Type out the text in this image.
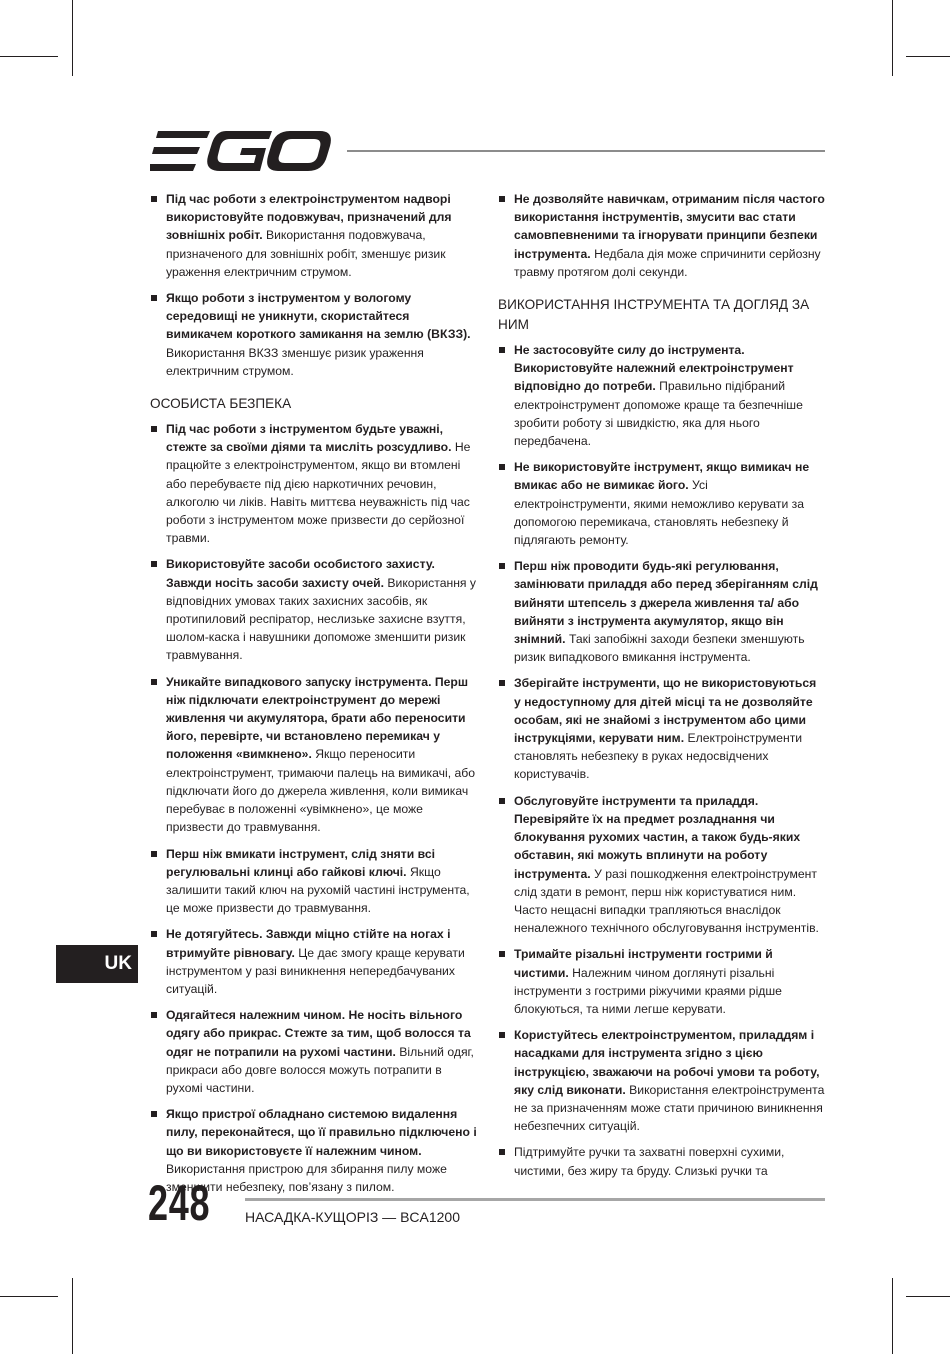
Під час роботи з електроінструментом надворі використовуйте подовжувач, призначений для зовнішніх робіт. Використання подовжувача, призначеного для зовнішніх робіт, зменшує ризик ураження електричним струмом.
Якщо роботи з інструментом у вологому середовищі не уникнути, скористайтеся вимикачем короткого замикання на землю (ВКЗЗ). Використання ВКЗЗ зменшує ризик ураження електричним струмом.
ОСОБИСТА БЕЗПЕКА
Під час роботи з інструментом будьте уважні, стежте за своїми діями та мисліть розсудливо. Не працюйте з електроінструментом, якщо ви втомлені або перебуваєте під дією наркотичних речовин, алкоголю чи ліків. Навіть миттєва неуважність під час роботи з інструментом може призвести до серйозної травми.
Використовуйте засоби особистого захисту. Завжди носіть засоби захисту очей. Використання у відповідних умовах таких захисних засобів, як протипиловий респіратор, неслизьке захисне взуття, шолом-каска і навушники допоможе зменшити ризик травмування.
Уникайте випадкового запуску інструмента. Перш ніж підключати електроінструмент до мережі живлення чи акумулятора, брати або переносити його, перевірте, чи встановлено перемикач у положення «вимкнено». Якщо переносити електроінструмент, тримаючи палець на вимикачі, або підключати його до джерела живлення, коли вимикач перебуває в положенні «увімкнено», це може призвести до травмування.
Перш ніж вмикати інструмент, слід зняти всі регулювальні клинці або гайкові ключі. Якщо залишити такий ключ на рухомій частині інструмента, це може призвести до травмування.
Не дотягуйтесь. Завжди міцно стійте на ногах і втримуйте рівновагу. Це дає змогу краще керувати інструментом у разі виникнення непередбачуваних ситуацій.
Одягайтеся належним чином. Не носіть вільного одягу або прикрас. Стежте за тим, щоб волосся та одяг не потрапили на рухомі частини. Вільний одяг, прикраси або довге волосся можуть потрапити в рухомі частини.
Якщо пристрої обладнано системою видалення пилу, переконайтеся, що її правильно підключено і що ви використовуєте її належним чином. Використання пристрою для збирання пилу може зменшити небезпеку, пов’язану з пилом.
Не дозволяйте навичкам, отриманим після частого використання інструментів, змусити вас стати самовпевненими та ігнорувати принципи безпеки інструмента. Недбала дія може спричинити серйозну травму протягом долі секунди.
ВИКОРИСТАННЯ ІНСТРУМЕНТА ТА ДОГЛЯД ЗА НИМ
Не застосовуйте силу до інструмента. Використовуйте належний електроінструмент відповідно до потреби. Правильно підібраний електроінструмент допоможе краще та безпечніше зробити роботу зі швидкістю, яка для нього передбачена.
Не використовуйте інструмент, якщо вимикач не вмикає або не вимикає його. Усі електроінструменти, якими неможливо керувати за допомогою перемикача, становлять небезпеку й підлягають ремонту.
Перш ніж проводити будь-які регулювання, замінювати приладдя або перед зберіганням слід вийняти штепсель з джерела живлення та/ або вийняти з інструмента акумулятор, якщо він знімний. Такі запобіжні заходи безпеки зменшують ризик випадкового вмикання інструмента.
Зберігайте інструменти, що не використовуються у недоступному для дітей місці та не дозволяйте особам, які не знайомі з інструментом або цими інструкціями, керувати ним. Електроінструменти становлять небезпеку в руках недосвідчених користувачів.
Обслуговуйте інструменти та приладдя. Перевіряйте їх на предмет розладнання чи блокування рухомих частин, а також будь-яких обставин, які можуть вплинути на роботу інструмента. У разі пошкодження електроінструмент слід здати в ремонт, перш ніж користуватися ним. Часто нещасні випадки трапляються внаслідок неналежного технічного обслуговування інструментів.
Тримайте різальні інструменти гострими й чистими. Належним чином доглянуті різальні інструменти з гострими ріжучими краями рідше блокуються, та ними легше керувати.
Користуйтесь електроінструментом, приладдям і насадками для інструмента згідно з цією інструкцією, зважаючи на робочі умови та роботу, яку слід виконати. Використання електроінструмента не за призначенням може стати причиною виникнення небезпечних ситуацій.
Підтримуйте ручки та захватні поверхні сухими, чистими, без жиру та бруду. Слизькі ручки та
UK
248 НАСАДКА-КУЩОРІЗ — BCA1200
